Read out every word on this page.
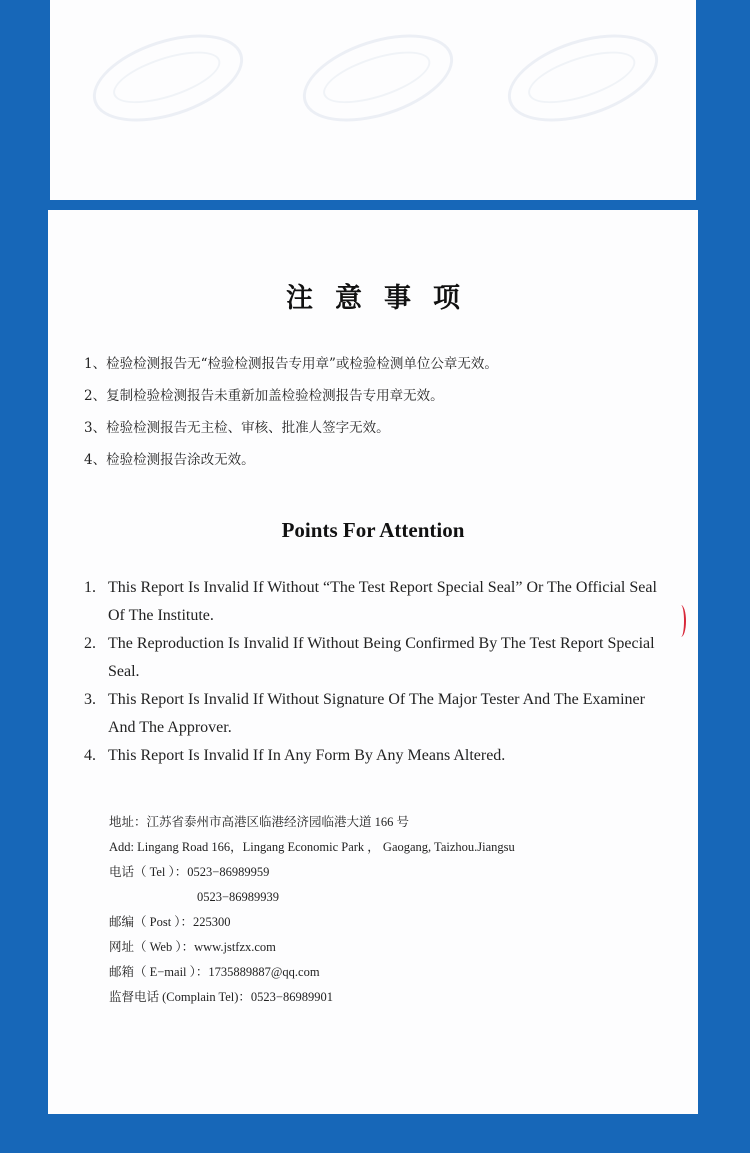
注意事项
1、检验检测报告无“检验检测报告专用章”或检验检测单位公章无效。
2、复制检验检测报告未重新加盖检验检测报告专用章无效。
3、检验检测报告无主检、审核、批准人签字无效。
4、检验检测报告涂改无效。
Points For Attention
1. This Report Is Invalid If Without “The Test Report Special Seal” Or The Official Seal Of The Institute.
2. The Reproduction Is Invalid If Without Being Confirmed By The Test Report Special Seal.
3. This Report Is Invalid If Without Signature Of The Major Tester And The Examiner And The Approver.
4. This Report Is Invalid If In Any Form By Any Means Altered.
地址：江苏省泰州市高港区临港经济园临港大道 166 号
Add: Lingang Road 166，Lingang Economic Park ， Gaogang, Taizhou.Jiangsu
电话（ Tel ）：0523−86989959
0523−86989939
邮编（ Post ）：225300
网址（ Web ）：www.jstfzx.com
邮箱（ E−mail ）：1735889887@qq.com
监督电话 (Complain Tel)：0523−86989901
